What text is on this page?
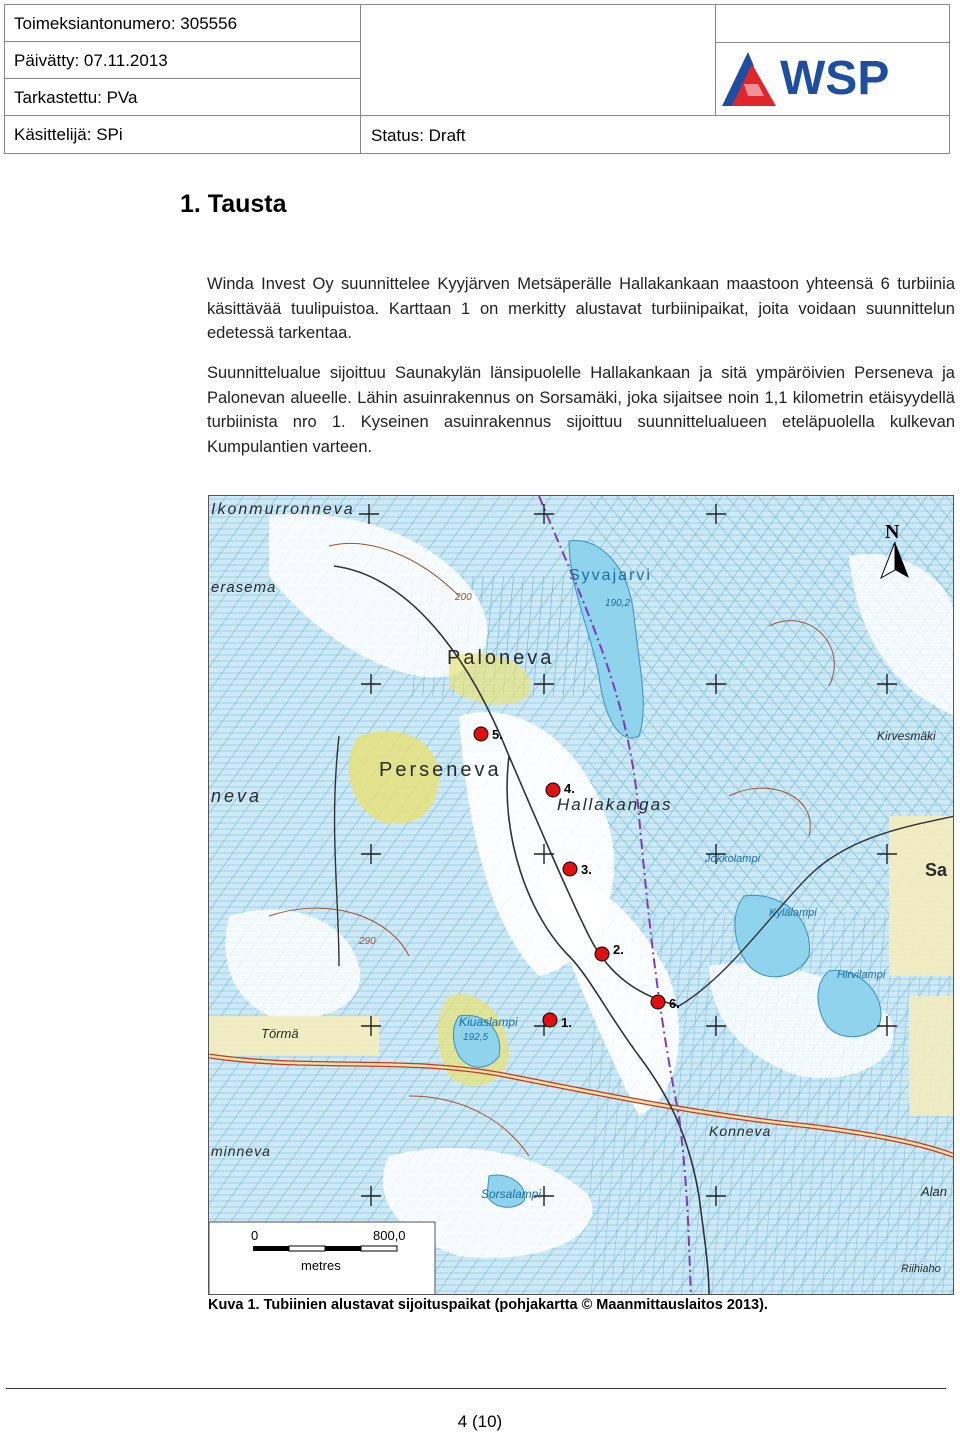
Toimeksiantonumero: 305556
Päivätty: 07.11.2013
Tarkastettu: PVa
Käsittelijä: SPi	Status: Draft
WSP
1. Tausta

Winda Invest Oy suunnittelee Kyyjärven Metsäperälle Hallakankaan maastoon yhteensä 6 turbiinia käsittävää tuulipuistoa. Karttaan 1 on merkitty alustavat turbiinipaikat, joita voidaan suunnittelun edetessä tarkentaa.

Suunnittelualue sijoittuu Saunakylän länsipuolelle Hallakankaan ja sitä ympäröivien Perseneva ja Palonevan alueelle. Lähin asuinrakennus on Sorsamäki, joka sijaitsee noin 1,1 kilometrin etäisyydellä turbiinista nro 1. Kyseinen asuinrakennus sijoittuu suunnittelualueen eteläpuolella kulkevan Kumpulantien varteen.

N
Ikonmurronneva
erasema
Syvajarvi
Paloneva
Perseneva
neva	Hallakangas
Kirvesmäki
Jokkolampi
Kylälampi
Hirvilampi
Kiuaslampi
Törmä
Konneva
minneva
Sorsalampi	Alan
Riihiaho
Sa
200
190,2
192,5
290
1.
2.
3.
4.
5.
6.
0	800,0
metres
Kuva 1. Tubiinien alustavat sijoituspaikat (pohjakartta © Maanmittauslaitos 2013).
4 (10)
